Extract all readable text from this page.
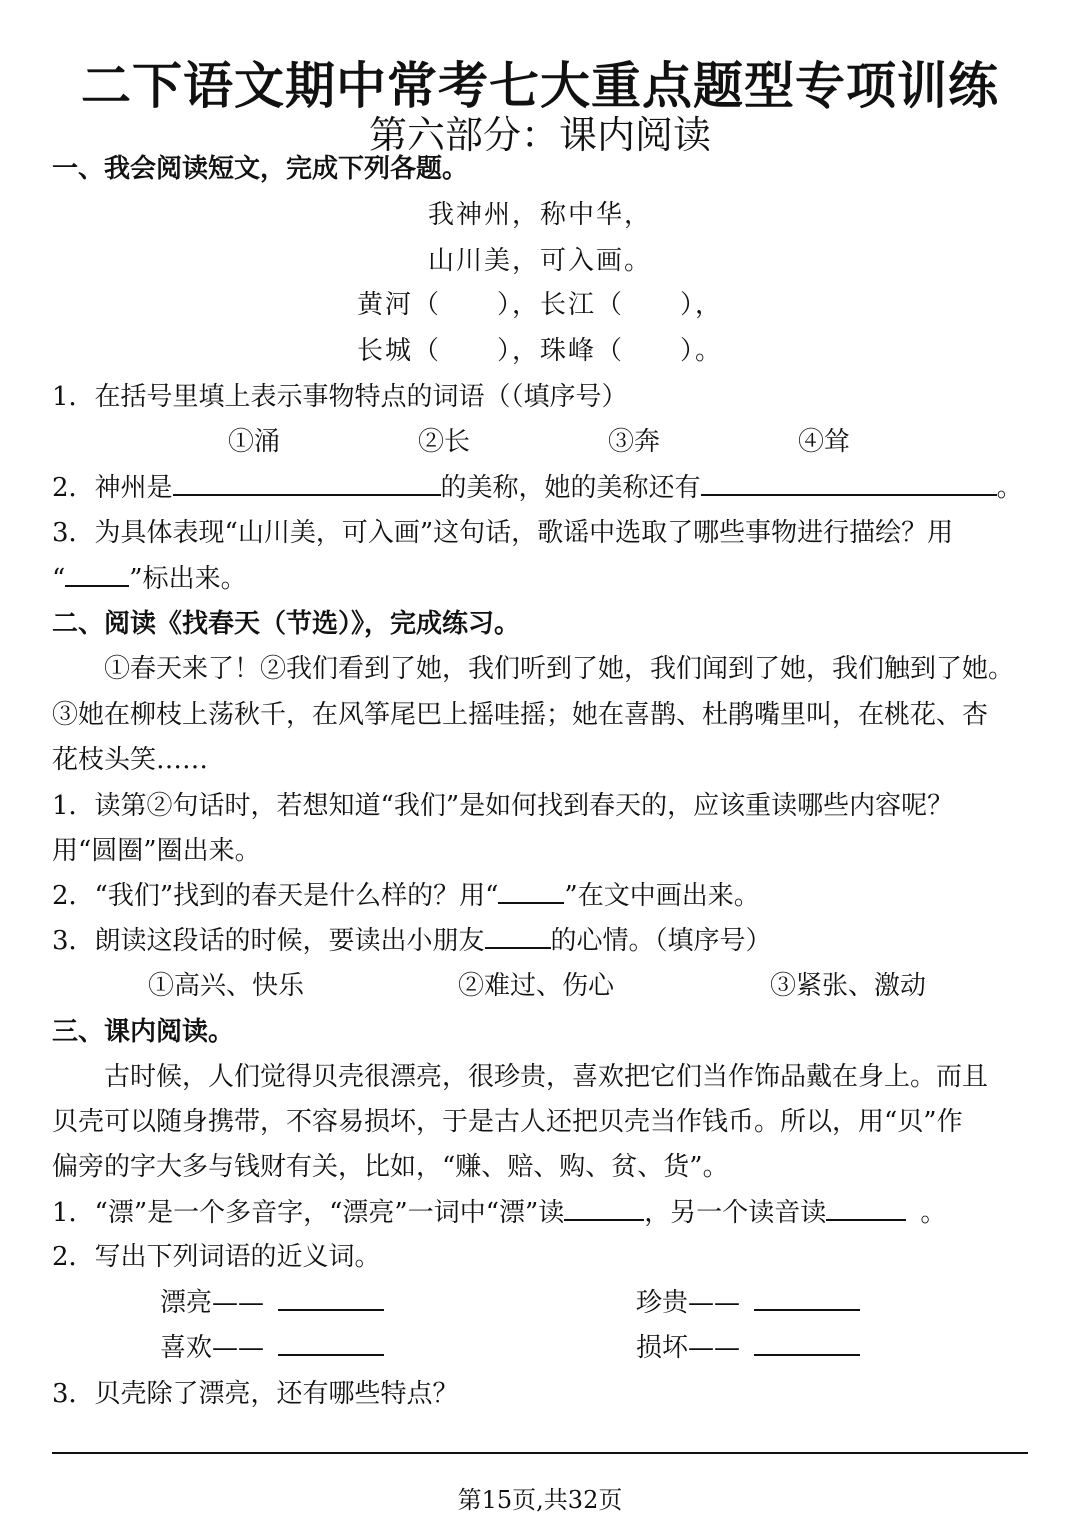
二下语文期中常考七大重点题型专项训练
第六部分：课内阅读
一、我会阅读短文，完成下列各题。
我神州，称中华，
山川美，可入画。
黄河（　　），长江（　　），
长城（　　），珠峰（　　）。
1．在括号里填上表示事物特点的词语（（填序号）
①涌	②长	③奔	④耸
2．神州是	的美称，她的美称还有	。
3．为具体表现“山川美，可入画”这句话，歌谣中选取了哪些事物进行描绘？用
“ ”标出来。
二、阅读《找春天（节选）》，完成练习。
①春天来了！②我们看到了她，我们听到了她，我们闻到了她，我们触到了她。
③她在柳枝上荡秋千，在风筝尾巴上摇哇摇；她在喜鹊、杜鹃嘴里叫，在桃花、杏
花枝头笑……
1．读第②句话时，若想知道“我们”是如何找到春天的，应该重读哪些内容呢？
用“圆圈”圈出来。
2．“我们”找到的春天是什么样的？用“	”在文中画出来。
3．朗读这段话的时候，要读出小朋友	的心情。（填序号）
①高兴、快乐	②难过、伤心	③紧张、激动
三、课内阅读。
古时候，人们觉得贝壳很漂亮，很珍贵，喜欢把它们当作饰品戴在身上。而且
贝壳可以随身携带，不容易损坏，于是古人还把贝壳当作钱币。所以，用“贝”作
偏旁的字大多与钱财有关，比如，“赚、赔、购、贫、货”。
1．“漂”是一个多音字，“漂亮”一词中“漂”读	，另一个读音读	。
2．写出下列词语的近义词。
漂亮——	珍贵——
喜欢——	损坏——
3．贝壳除了漂亮，还有哪些特点？
第15页,共32页
